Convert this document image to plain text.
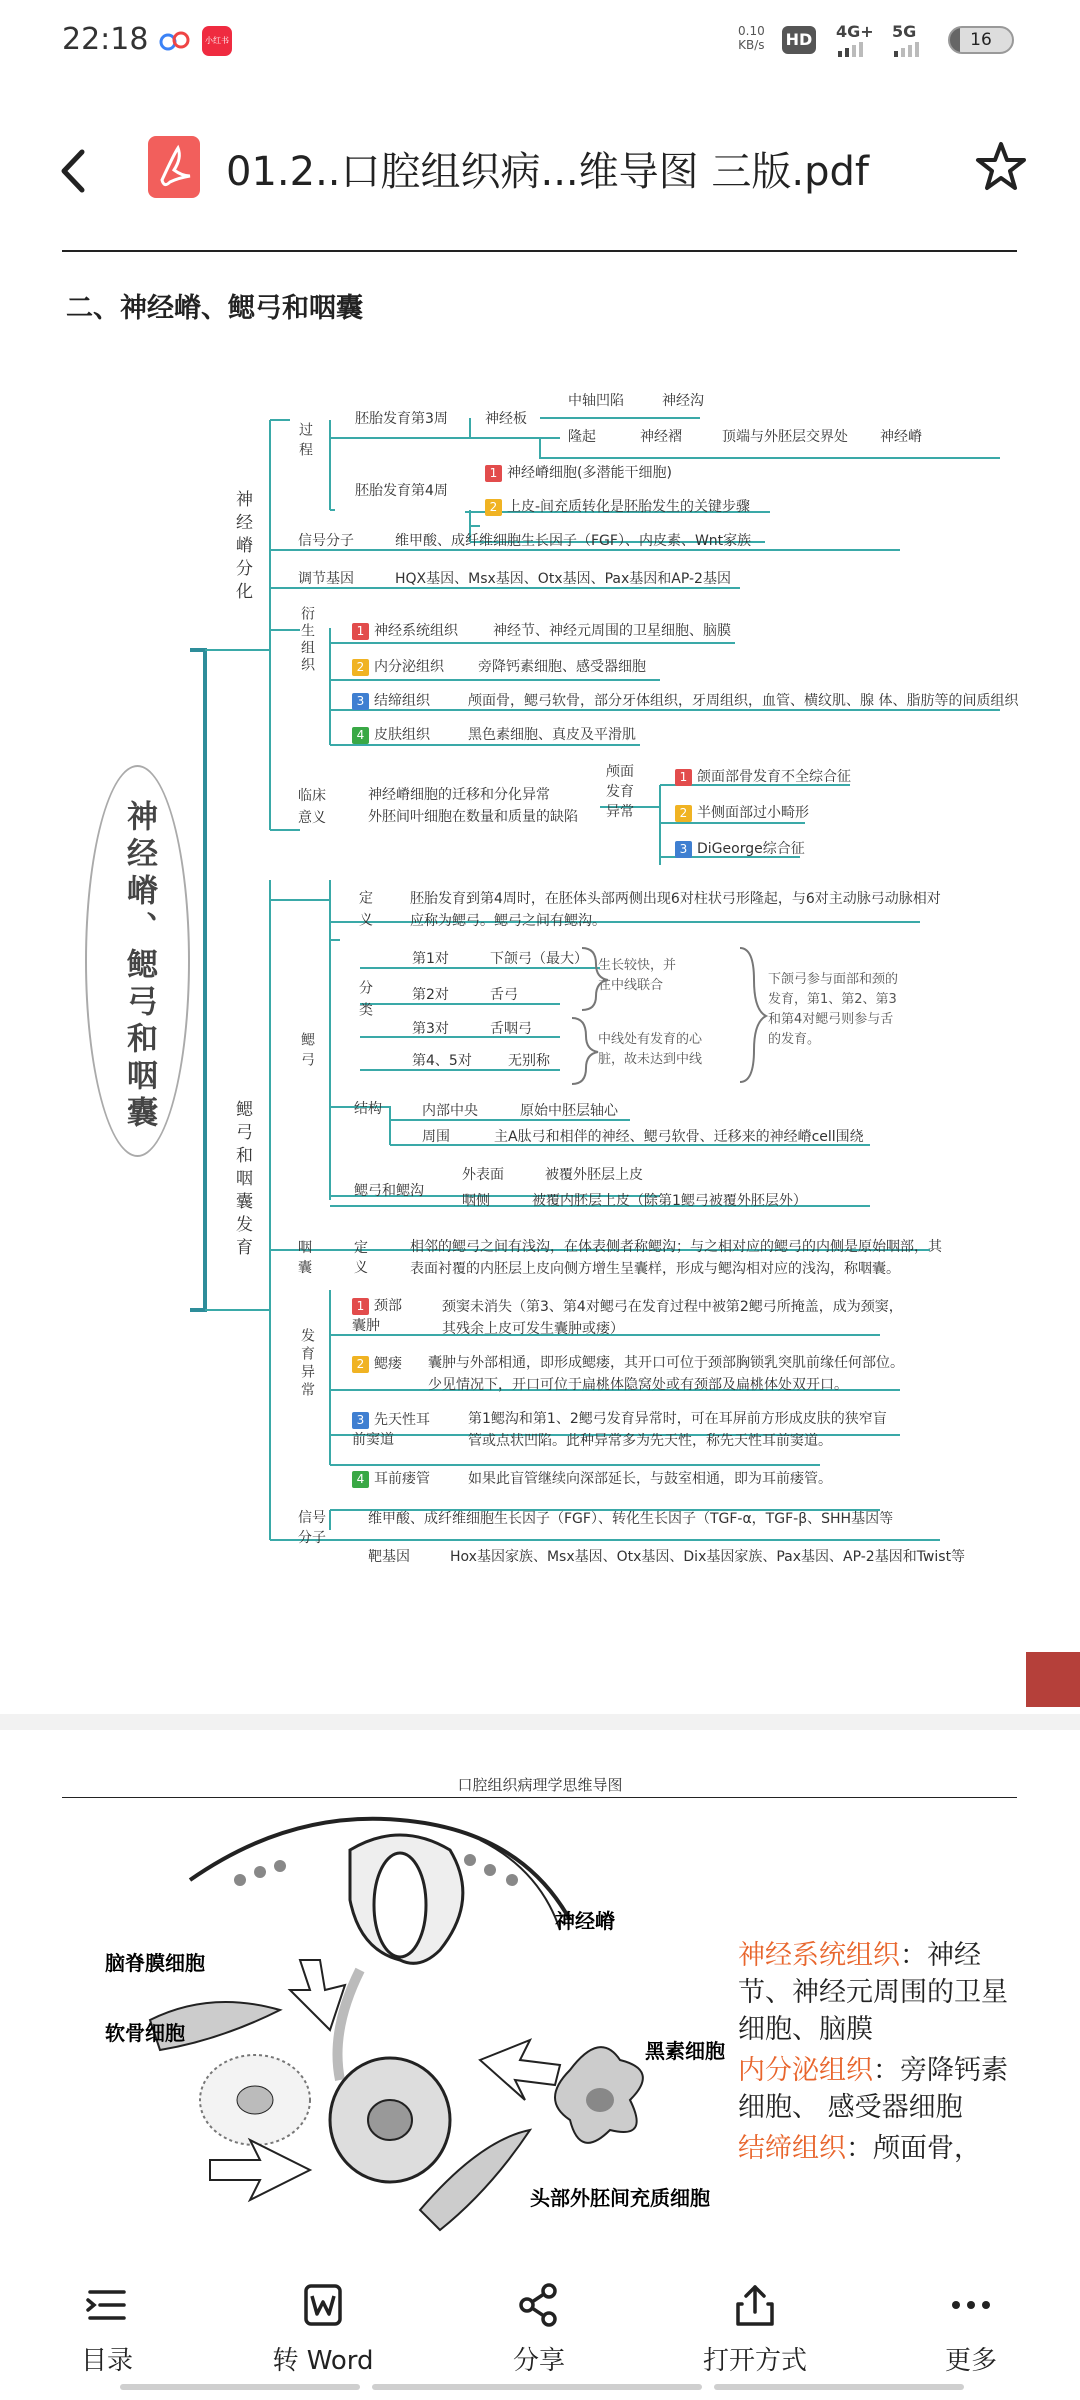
22:18	小红书
0.10
KB/s HD 4G+ 5G	16
01.2..口腔组织病...维导图 三版.pdf
二、神经嵴、鳃弓和咽囊
神经嵴、鳃弓和咽囊
神经嵴分化
鳃弓和咽囊发育
过程
胚胎发育第3周	神经板
中轴凹陷	神经沟
隆起	神经褶	顶端与外胚层交界处 神经嵴
胚胎发育第4周
1 神经嵴细胞(多潜能干细胞)
2 上皮-间充质转化是胚胎发生的关键步骤
信号分子	维甲酸、成纤维细胞生长因子（FGF）、内皮素、Wnt家族
调节基因	HQX基因、Msx基因、Otx基因、Pax基因和AP-2基因
衍生组织	1 神经系统组织	神经节、神经元周围的卫星细胞、脑膜
2 内分泌组织 旁降钙素细胞、感受器细胞
3 结缔组织	颅面骨，鳃弓软骨，部分牙体组织，牙周组织，血管、横纹肌、腺 体、脂肪等的间质组织
4 皮肤组织	黑色素细胞、真皮及平滑肌
临床意义
神经嵴细胞的迁移和分化异常
外胚间叶细胞在数量和质量的缺陷
颅面发育异常
1 颌面部骨发育不全综合征
2 半侧面部过小畸形
3 DiGeorge综合征
鳃弓
定义	胚胎发育到第4周时，在胚体头部两侧出现6对柱状弓形隆起，与6对主动脉弓动脉相对
应称为鳃弓。鳃弓之间有鳃沟。
分类
第1对	下颌弓（最大）
第2对	舌弓
第3对	舌咽弓
第4、5对	无别称
生长较快，并
在中线联合
中线处有发育的心
脏，故未达到中线
下颌弓参与面部和颈的
发育，第1、第2、第3
和第4对鳃弓则参与舌
的发育。
结构	内部中央	原始中胚层轴心
周围	主A肽弓和相伴的神经、鳃弓软骨、迁移来的神经嵴cell围绕
鳃弓和鳃沟
外表面	被覆外胚层上皮
咽侧	被覆内胚层上皮（除第1鳃弓被覆外胚层外）
咽囊
定义
相邻的鳃弓之间有浅沟，在体表侧者称鳃沟；与之相对应的鳃弓的内侧是原始咽部，其
表面衬覆的内胚层上皮向侧方增生呈囊样，形成与鳃沟相对应的浅沟，称咽囊。
发育异常
1 颈部囊肿
颈窦未消失（第3、第4对鳃弓在发育过程中被第2鳃弓所掩盖，成为颈窦，
其残余上皮可发生囊肿或瘘）
2 鳃瘘	囊肿与外部相通，即形成鳃瘘，其开口可位于颈部胸锁乳突肌前缘任何部位。
少见情况下，开口可位于扁桃体隐窝处或有颈部及扁桃体处双开口。
3 先天性耳前窦道
第1鳃沟和第1、2鳃弓发育异常时，可在耳屏前方形成皮肤的狭窄盲
管或点状凹陷。此种异常多为先天性，称先天性耳前窦道。
4 耳前瘘管	如果此盲管继续向深部延长，与鼓室相通，即为耳前瘘管。
信号分子
维甲酸、成纤维细胞生长因子（FGF）、转化生长因子（TGF-α，TGF-β、SHH基因等
靶基因	Hox基因家族、Msx基因、Otx基因、Dix基因家族、Pax基因、AP-2基因和Twist等
口腔组织病理学思维导图
神经嵴
脑脊膜细胞
软骨细胞
黑素细胞
头部外胚间充质细胞
神经系统组织：神经节、神经元周围的卫星细胞、脑膜
内分泌组织：旁降钙素细胞、 感受器细胞
结缔组织：颅面骨，
目录	转 Word	分享	打开方式	更多
